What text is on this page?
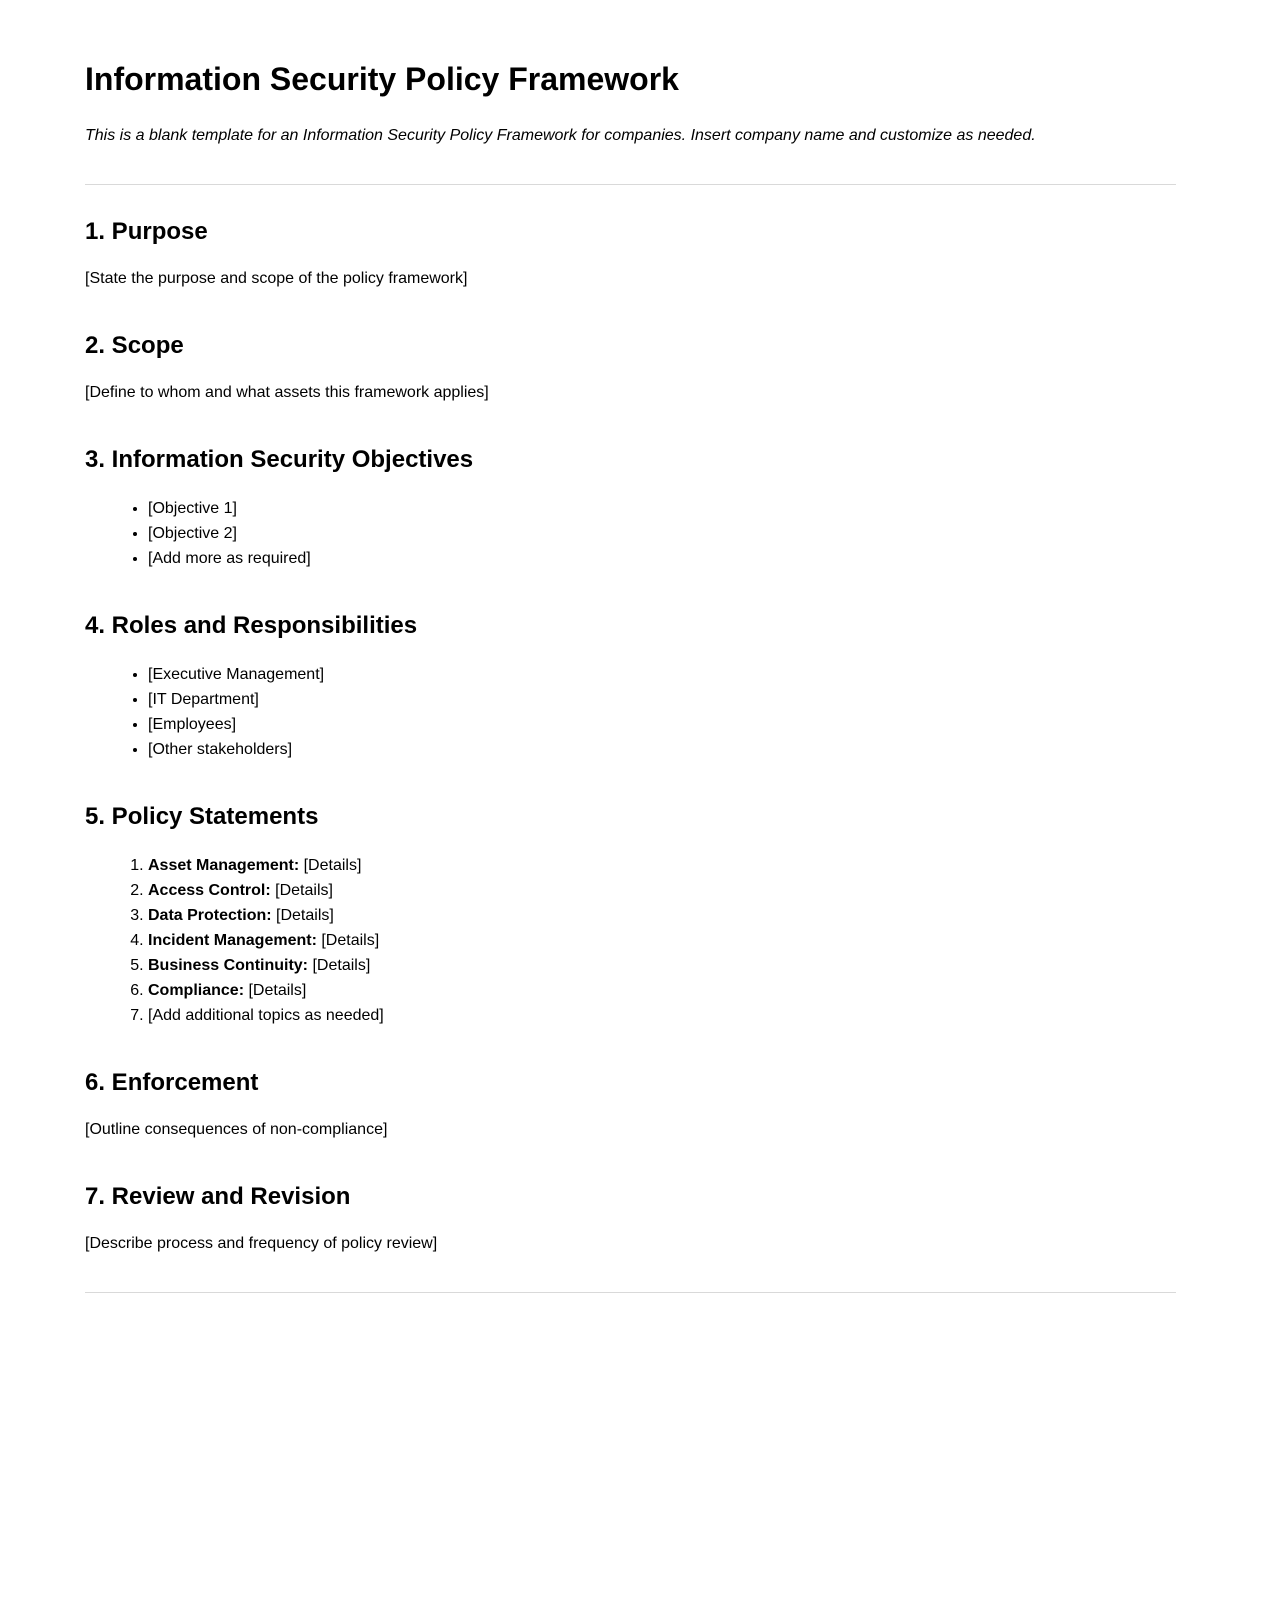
Information Security Policy Framework

This is a blank template for an Information Security Policy Framework for companies. Insert company name and customize as needed.

1. Purpose

[State the purpose and scope of the policy framework]

2. Scope

[Define to whom and what assets this framework applies]

3. Information Security Objectives
• [Objective 1]
• [Objective 2]
• [Add more as required]
4. Roles and Responsibilities
• [Executive Management]
• [IT Department]
• [Employees]
• [Other stakeholders]
5. Policy Statements
1. Asset Management: [Details]
2. Access Control: [Details]
3. Data Protection: [Details]
4. Incident Management: [Details]
5. Business Continuity: [Details]
6. Compliance: [Details]
7. [Add additional topics as needed]
6. Enforcement

[Outline consequences of non-compliance]

7. Review and Revision

[Describe process and frequency of policy review]
